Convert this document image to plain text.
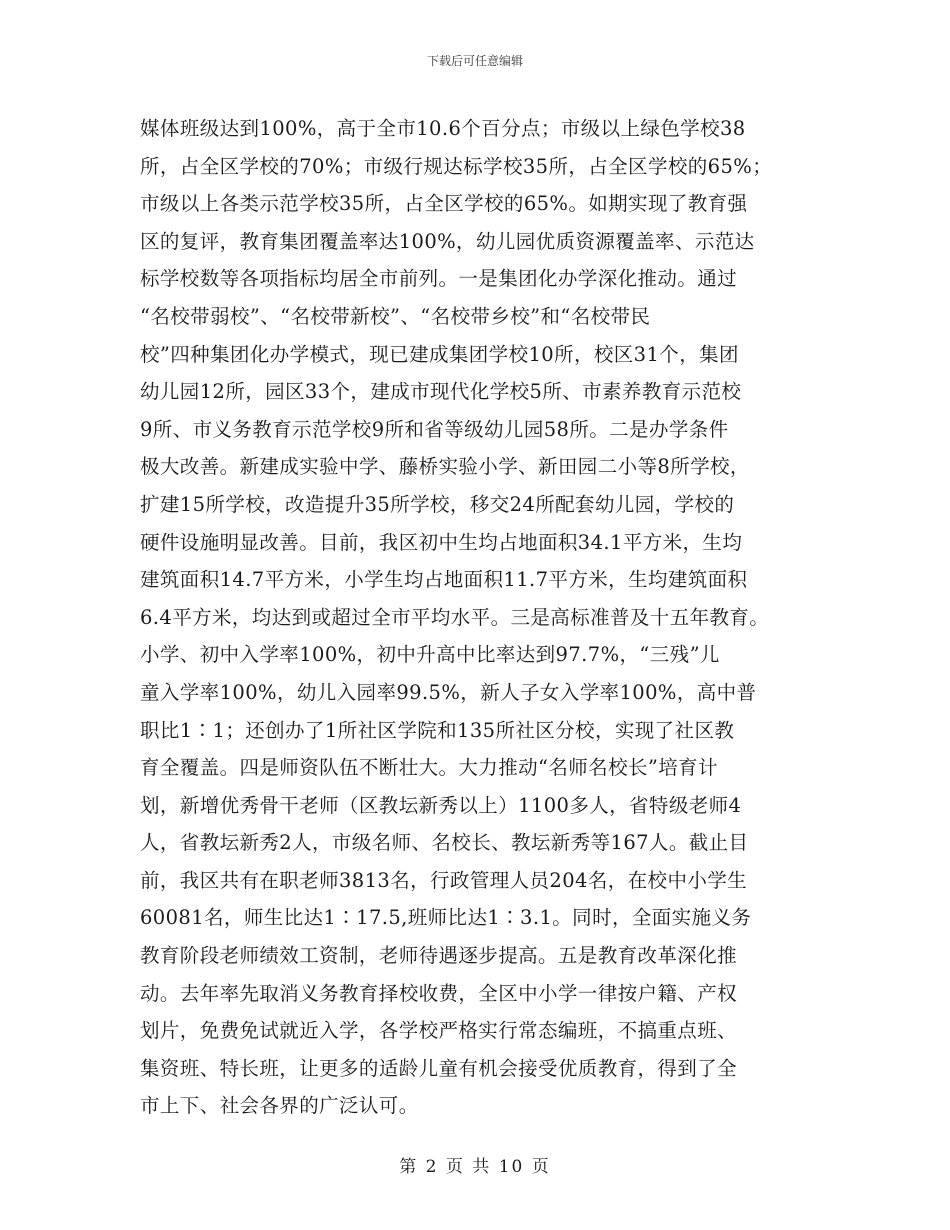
下载后可任意编辑
媒体班级达到100%，高于全市10.6个百分点；市级以上绿色学校38
所，占全区学校的70%；市级行规达标学校35所，占全区学校的65%；
市级以上各类示范学校35所，占全区学校的65%。如期实现了教育强
区的复评，教育集团覆盖率达100%，幼儿园优质资源覆盖率、示范达
标学校数等各项指标均居全市前列。一是集团化办学深化推动。通过
“名校带弱校”、“名校带新校”、“名校带乡校”和“名校带民
校”四种集团化办学模式，现已建成集团学校10所，校区31个，集团
幼儿园12所，园区33个，建成市现代化学校5所、市素养教育示范校
9所、市义务教育示范学校9所和省等级幼儿园58所。二是办学条件
极大改善。新建成实验中学、藤桥实验小学、新田园二小等8所学校，
扩建15所学校，改造提升35所学校，移交24所配套幼儿园，学校的
硬件设施明显改善。目前，我区初中生均占地面积34.1平方米，生均
建筑面积14.7平方米，小学生均占地面积11.7平方米，生均建筑面积
6.4平方米，均达到或超过全市平均水平。三是高标准普及十五年教育。
小学、初中入学率100%，初中升高中比率达到97.7%，“三残”儿
童入学率100%，幼儿入园率99.5%，新人子女入学率100%，高中普
职比1∶1；还创办了1所社区学院和135所社区分校，实现了社区教
育全覆盖。四是师资队伍不断壮大。大力推动“名师名校长”培育计
划，新增优秀骨干老师（区教坛新秀以上）1100多人，省特级老师4
人，省教坛新秀2人，市级名师、名校长、教坛新秀等167人。截止目
前，我区共有在职老师3813名，行政管理人员204名，在校中小学生
60081名，师生比达1∶17.5,班师比达1∶3.1。同时，全面实施义务
教育阶段老师绩效工资制，老师待遇逐步提高。五是教育改革深化推
动。去年率先取消义务教育择校收费，全区中小学一律按户籍、产权
划片，免费免试就近入学，各学校严格实行常态编班，不搞重点班、
集资班、特长班，让更多的适龄儿童有机会接受优质教育，得到了全
市上下、社会各界的广泛认可。
第 2 页 共 10 页
